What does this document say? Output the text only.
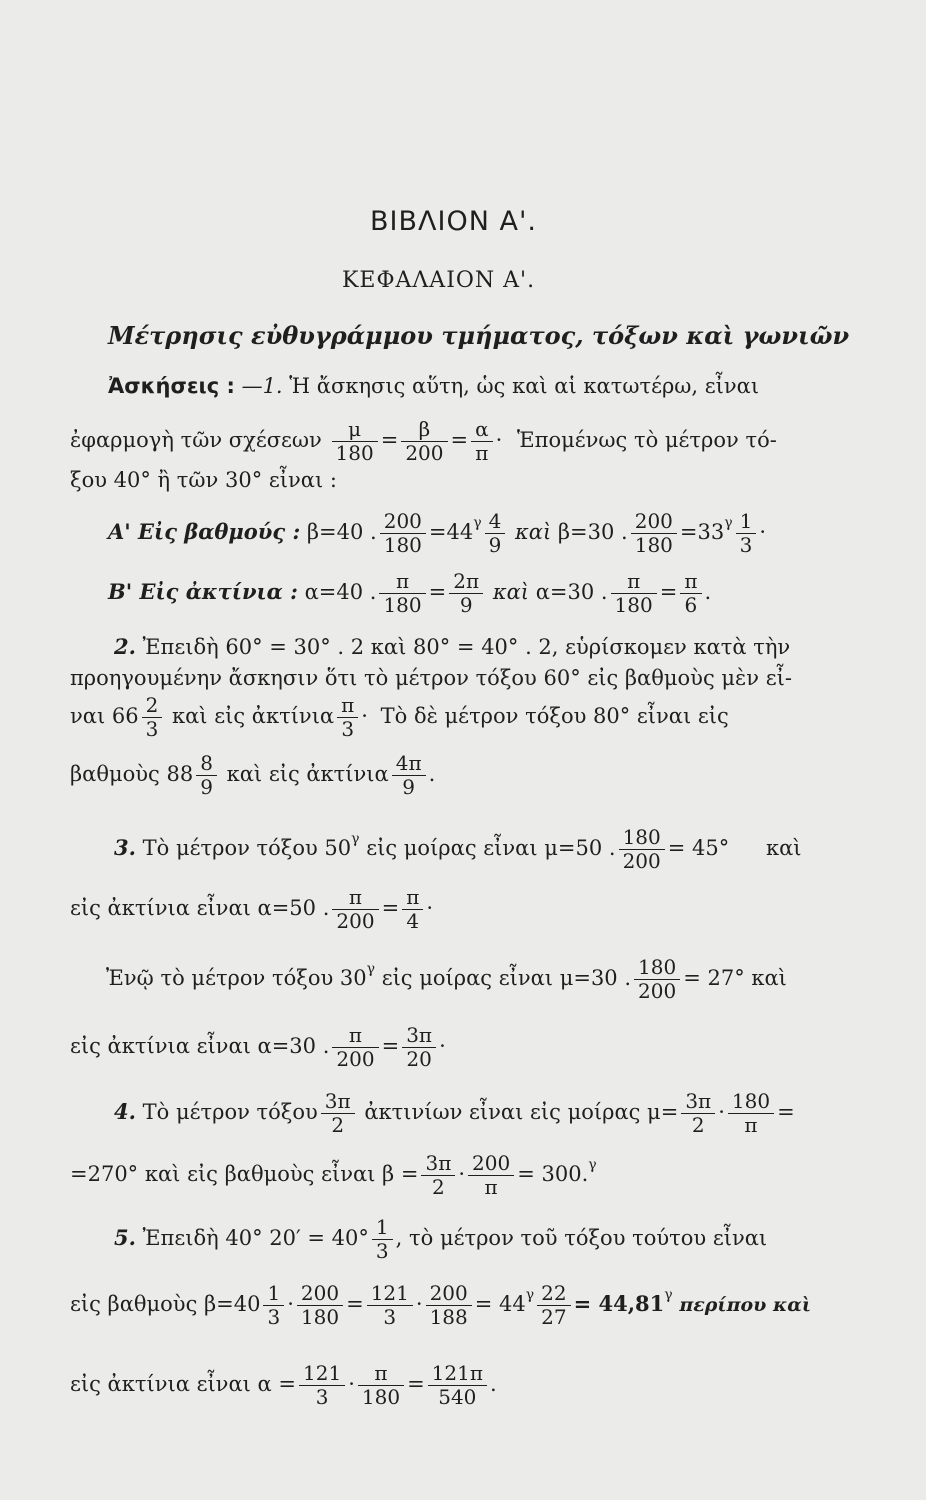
ΒΙΒΛΙΟΝ Α'.
ΚΕΦΑΛΑΙΟΝ Α'.
Μέτρησις εὐθυγράμμου τμήματος, τόξων καὶ γωνιῶν
Ἀσκήσεις : —1. Ἡ ἄσκησις αὕτη, ὡς καὶ αἱ κατωτέρω, εἶναι
ἐφαρμογὴ τῶν σχέσεων $\frac{\mu}{180} = \frac{\beta}{200} = \frac{\alpha}{\pi}$ · Ἑπομένως τὸ μέτρον τό-
ξου 40° ἢ τῶν 30° εἶναι :
Α' Εἰς βαθμούς : β=40 . $\frac{200}{180} =44^\gamma \frac{4}{9}$ καὶ β=30 . $\frac{200}{180} =33^\gamma \frac{1}{3}$ ·
Β' Εἰς ἀκτίνια : α=40 . $\frac{\pi}{180} = \frac{2\pi}{9}$ καὶ α=30 . $\frac{\pi}{180} = \frac{\pi}{6}$ .
2. Ἐπειδὴ 60° = 30° . 2 καὶ 80° = 40° . 2, εὑρίσκομεν κατὰ τὴν
προηγουμένην ἄσκησιν ὅτι τὸ μέτρον τόξου 60° εἰς βαθμοὺς μὲν εἶ-
ναι $66 \frac{2}{3}$ καὶ εἰς ἀκτίνια $\frac{\pi}{3}$ · Τὸ δὲ μέτρον τόξου 80° εἶναι εἰς
βαθμοὺς $88 \frac{8}{9}$ καὶ εἰς ἀκτίνια $\frac{4\pi}{9}$ .
3. Τὸ μέτρον τόξου $50^\gamma$ εἰς μοίρας εἶναι μ=50 . $\frac{180}{200} = 45^\circ$ καὶ
εἰς ἀκτίνια εἶναι α=50 . $\frac{\pi}{200} = \frac{\pi}{4}$ ·
Ἐνῷ τὸ μέτρον τόξου $30^\gamma$ εἰς μοίρας εἶναι μ=30 . $\frac{180}{200} = 27^\circ$ καὶ
εἰς ἀκτίνια εἶναι α=30 . $\frac{\pi}{200} = \frac{3\pi}{20}$ ·
4. Τὸ μέτρον τόξου $\frac{3\pi}{2}$ ἀκτινίων εἶναι εἰς μοίρας $\mu= \frac{3\pi}{2} \cdot \frac{180}{\pi}$ =
=270° καὶ εἰς βαθμοὺς εἶναι $\beta = \frac{3\pi}{2} \cdot \frac{200}{\pi} = 300.^\gamma$
5. Ἐπειδὴ 40° $20' = 40^\circ \frac{1}{3}$ , τὸ μέτρον τοῦ τόξου τούτου εἶναι
εἰς βαθμοὺς $\beta=40 \frac{1}{3} \cdot \frac{200}{180} = \frac{121}{3} \cdot \frac{200}{188} = 44^\gamma \frac{22}{27} = 44,81^\gamma$ περίπου καὶ
εἰς ἀκτίνια εἶναι $\alpha = \frac{121}{3} \cdot \frac{\pi}{180} = \frac{121\pi}{540}$ .
